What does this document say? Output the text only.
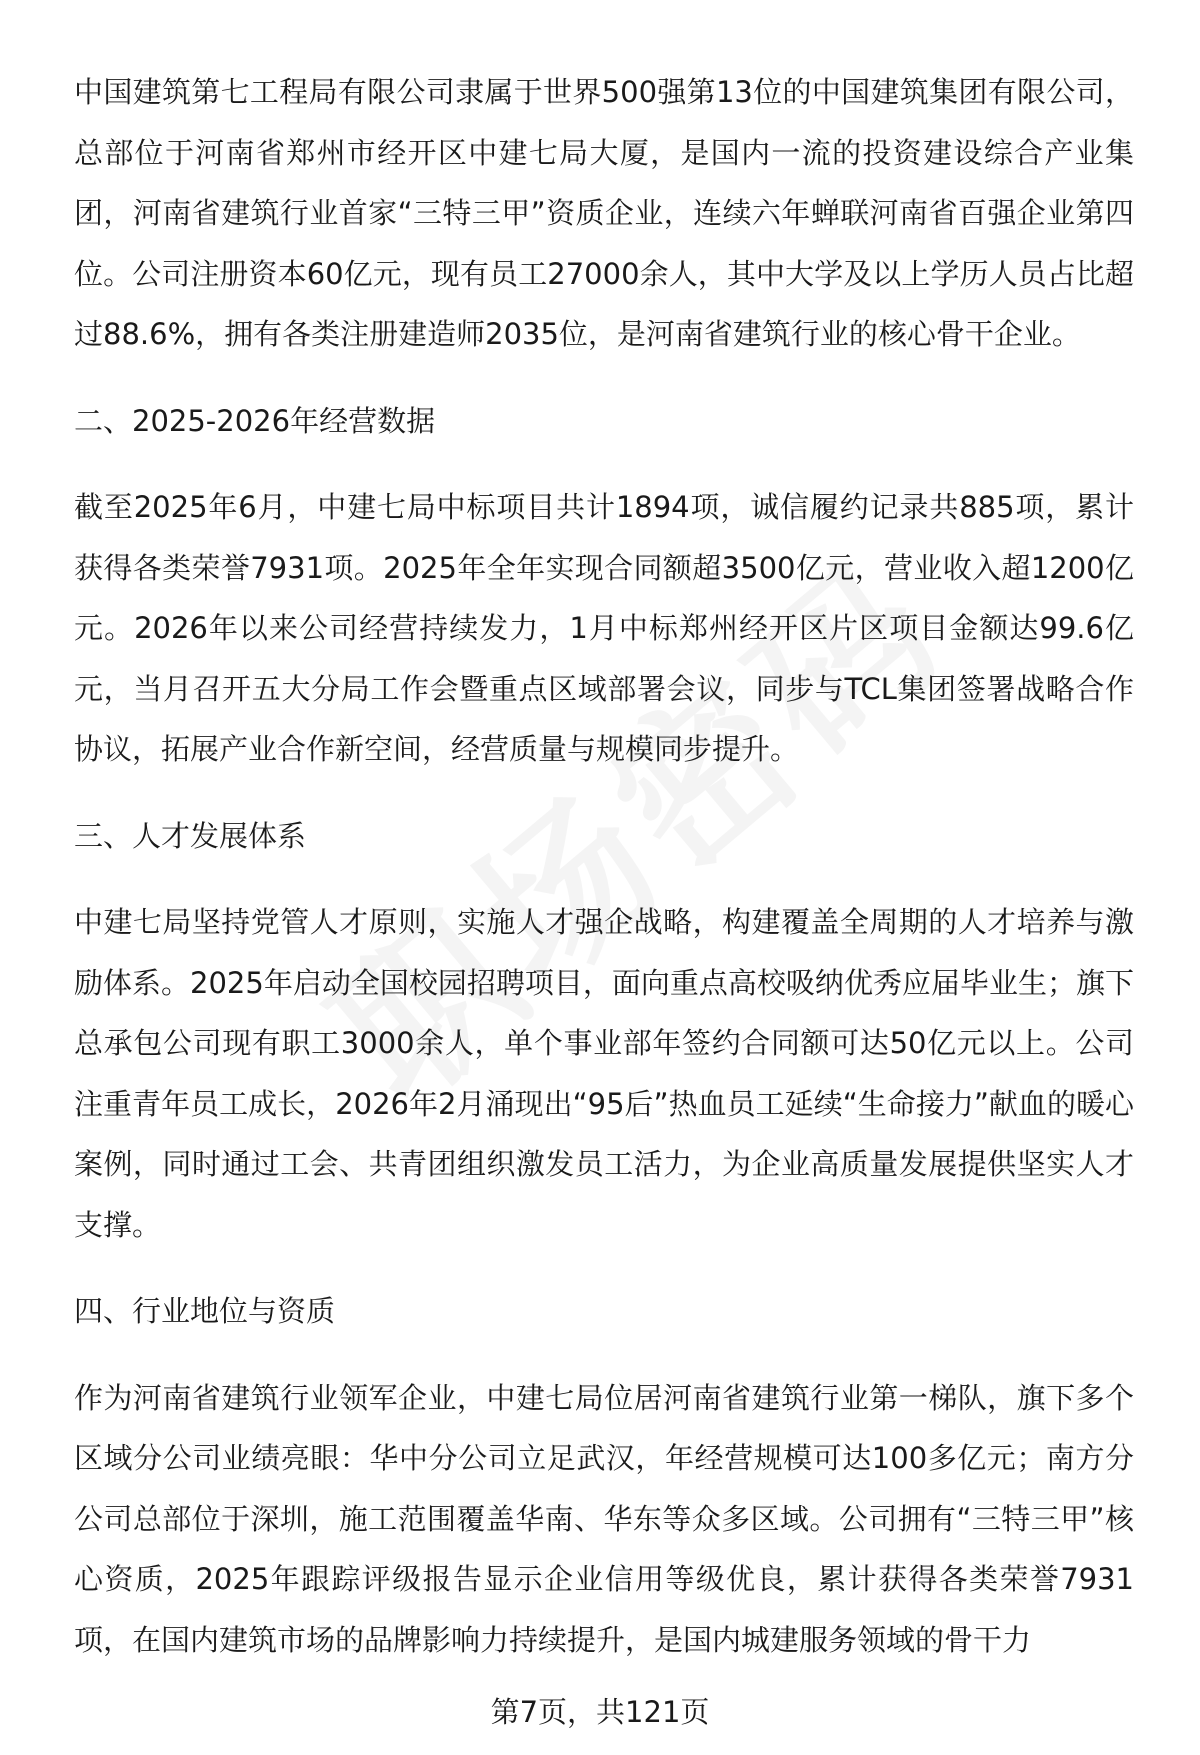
中国建筑第七工程局有限公司隶属于世界500强第13位的中国建筑集团有限公司，总部位于河南省郑州市经开区中建七局大厦，是国内一流的投资建设综合产业集团，河南省建筑行业首家“三特三甲”资质企业，连续六年蝉联河南省百强企业第四位。公司注册资本60亿元，现有员工27000余人，其中大学及以上学历人员占比超过88.6%，拥有各类注册建造师2035位，是河南省建筑行业的核心骨干企业。

二、2025-2026年经营数据

截至2025年6月，中建七局中标项目共计1894项，诚信履约记录共885项，累计获得各类荣誉7931项。2025年全年实现合同额超3500亿元，营业收入超1200亿元。2026年以来公司经营持续发力，1月中标郑州经开区片区项目金额达99.6亿元，当月召开五大分局工作会暨重点区域部署会议，同步与TCL集团签署战略合作协议，拓展产业合作新空间，经营质量与规模同步提升。

三、人才发展体系

中建七局坚持党管人才原则，实施人才强企战略，构建覆盖全周期的人才培养与激励体系。2025年启动全国校园招聘项目，面向重点高校吸纳优秀应届毕业生；旗下总承包公司现有职工3000余人，单个事业部年签约合同额可达50亿元以上。公司注重青年员工成长，2026年2月涌现出“95后”热血员工延续“生命接力”献血的暖心案例，同时通过工会、共青团组织激发员工活力，为企业高质量发展提供坚实人才支撑。

四、行业地位与资质

作为河南省建筑行业领军企业，中建七局位居河南省建筑行业第一梯队，旗下多个区域分公司业绩亮眼：华中分公司立足武汉，年经营规模可达100多亿元；南方分公司总部位于深圳，施工范围覆盖华南、华东等众多区域。公司拥有“三特三甲”核心资质，2025年跟踪评级报告显示企业信用等级优良，累计获得各类荣誉7931项，在国内建筑市场的品牌影响力持续提升，是国内城建服务领域的骨干力

第7页，共121页
